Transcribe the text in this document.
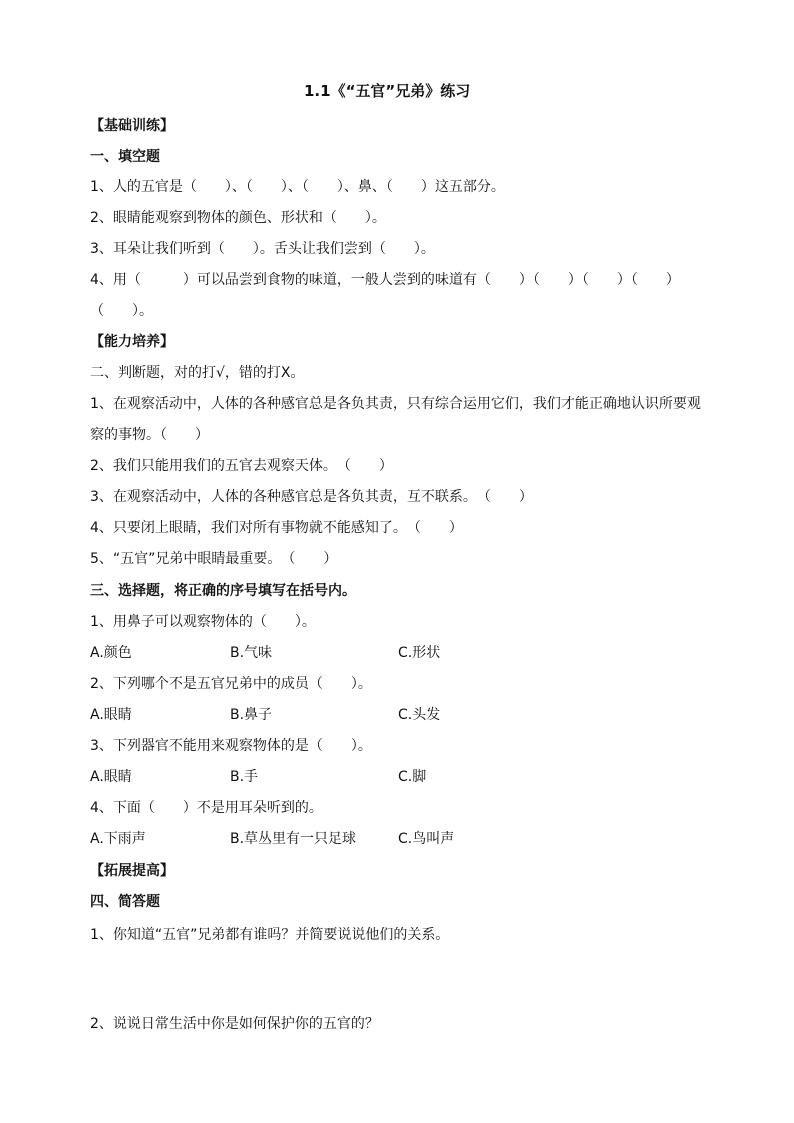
1.1《“五官”兄弟》练习
【基础训练】
一、填空题
1、人的五官是（　　）、（　　）、（　　）、鼻、（　　）这五部分。
2、眼睛能观察到物体的颜色、形状和（　　）。
3、耳朵让我们听到（　　）。舌头让我们尝到（　　）。
4、用（　　　）可以品尝到食物的味道，一般人尝到的味道有（　　）（　　）（　　）（　　）
（　　）。
【能力培养】
二、判断题，对的打√，错的打Ⅹ。
1、在观察活动中，人体的各种感官总是各负其责，只有综合运用它们，我们才能正确地认识所要观
察的事物。（　　）
2、我们只能用我们的五官去观察天体。　（　　）
3、在观察活动中，人体的各种感官总是各负其责，互不联系。　（　　）
4、只要闭上眼睛，我们对所有事物就不能感知了。　（　　）
5、“五官”兄弟中眼睛最重要。　（　　）
三、选择题，将正确的序号填写在括号内。
1、用鼻子可以观察物体的（　　）。
A.颜色	B.气味	C.形状
2、下列哪个不是五官兄弟中的成员（　　）。
A.眼睛	B.鼻子	C.头发
3、下列器官不能用来观察物体的是（　　）。
A.眼睛	B.手	C.脚
4、下面（　　）不是用耳朵听到的。
A.下雨声	B.草丛里有一只足球	C.鸟叫声
【拓展提高】
四、简答题
1、你知道“五官”兄弟都有谁吗？并简要说说他们的关系。
2、说说日常生活中你是如何保护你的五官的？
